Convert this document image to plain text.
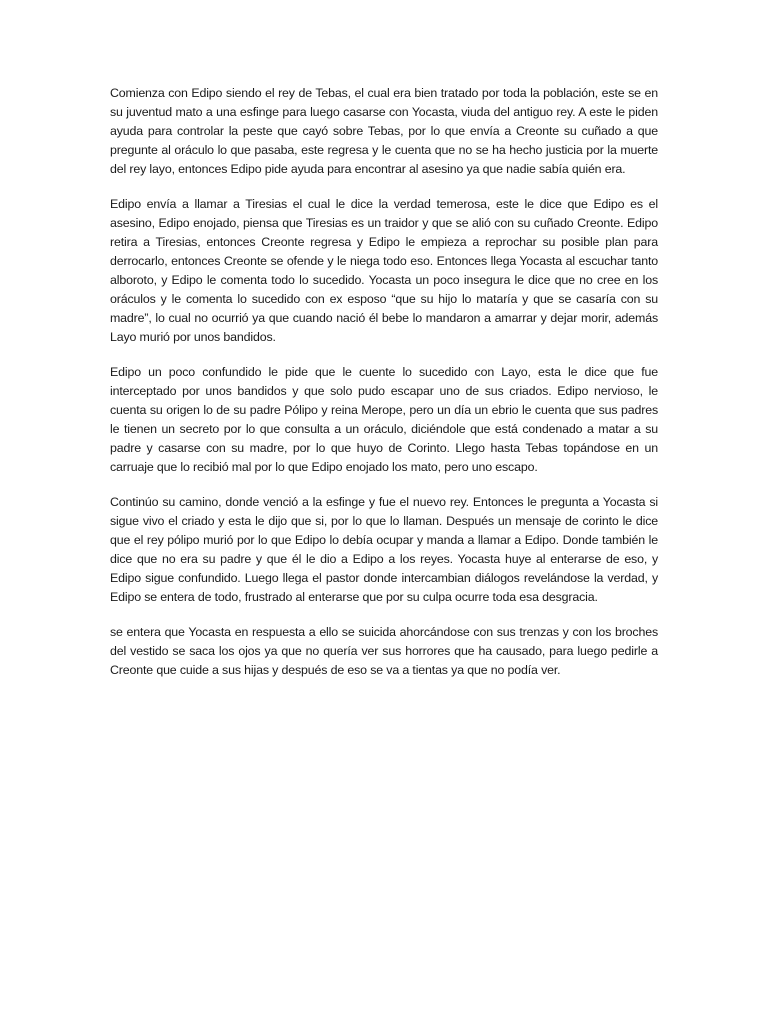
Comienza con Edipo siendo el rey de Tebas, el cual era bien tratado por toda la población, este se en su juventud mato a una esfinge para luego casarse con Yocasta, viuda del antiguo rey. A este le piden ayuda para controlar la peste que cayó sobre Tebas, por lo que envía a Creonte su cuñado a que pregunte al oráculo lo que pasaba, este regresa y le cuenta que no se ha hecho justicia por la muerte del rey layo, entonces Edipo pide ayuda para encontrar al asesino ya que nadie sabía quién era.

Edipo envía a llamar a Tiresias el cual le dice la verdad temerosa, este le dice que Edipo es el asesino, Edipo enojado, piensa que Tiresias es un traidor y que se alió con su cuñado Creonte. Edipo retira a Tiresias, entonces Creonte regresa y Edipo le empieza a reprochar su posible plan para derrocarlo, entonces Creonte se ofende y le niega todo eso. Entonces llega Yocasta al escuchar tanto alboroto, y Edipo le comenta todo lo sucedido. Yocasta un poco insegura le dice que no cree en los oráculos y le comenta lo sucedido con ex esposo “que su hijo lo mataría y que se casaría con su madre”, lo cual no ocurrió ya que cuando nació él bebe lo mandaron a amarrar y dejar morir, además Layo murió por unos bandidos.

Edipo un poco confundido le pide que le cuente lo sucedido con Layo, esta le dice que fue interceptado por unos bandidos y que solo pudo escapar uno de sus criados. Edipo nervioso, le cuenta su origen lo de su padre Pólipo y reina Merope, pero un día un ebrio le cuenta que sus padres le tienen un secreto por lo que consulta a un oráculo, diciéndole que está condenado a matar a su padre y casarse con su madre, por lo que huyo de Corinto. Llego hasta Tebas topándose en un carruaje que lo recibió mal por lo que Edipo enojado los mato, pero uno escapo.

Continúo su camino, donde venció a la esfinge y fue el nuevo rey. Entonces le pregunta a Yocasta si sigue vivo el criado y esta le dijo que si, por lo que lo llaman. Después un mensaje de corinto le dice que el rey pólipo murió por lo que Edipo lo debía ocupar y manda a llamar a Edipo. Donde también le dice que no era su padre y que él le dio a Edipo a los reyes. Yocasta huye al enterarse de eso, y Edipo sigue confundido. Luego llega el pastor donde intercambian diálogos revelándose la verdad, y Edipo se entera de todo, frustrado al enterarse que por su culpa ocurre toda esa desgracia.

se entera que Yocasta en respuesta a ello se suicida ahorcándose con sus trenzas y con los broches del vestido se saca los ojos ya que no quería ver sus horrores que ha causado, para luego pedirle a Creonte que cuide a sus hijas y después de eso se va a tientas ya que no podía ver.
